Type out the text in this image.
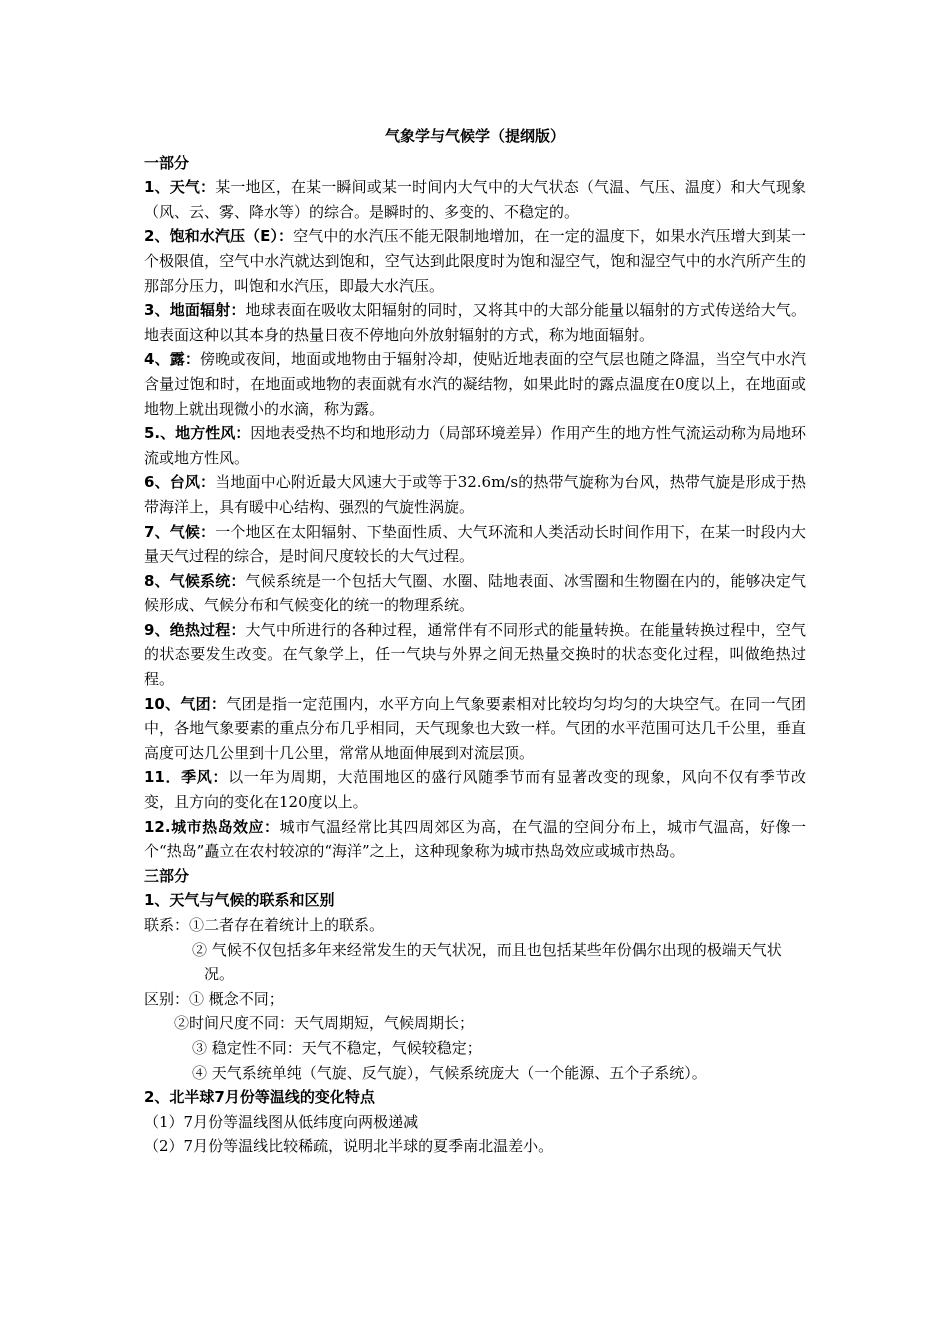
气象学与气候学（提纲版）

一部分

1、天气：某一地区，在某一瞬间或某一时间内大气中的大气状态（气温、气压、温度）和大气现象（风、云、雾、降水等）的综合。是瞬时的、多变的、不稳定的。

2、饱和水汽压（E）：空气中的水汽压不能无限制地增加，在一定的温度下，如果水汽压增大到某一个极限值，空气中水汽就达到饱和，空气达到此限度时为饱和湿空气，饱和湿空气中的水汽所产生的那部分压力，叫饱和水汽压，即最大水汽压。

3、地面辐射：地球表面在吸收太阳辐射的同时，又将其中的大部分能量以辐射的方式传送给大气。地表面这种以其本身的热量日夜不停地向外放射辐射的方式，称为地面辐射。

4、露：傍晚或夜间，地面或地物由于辐射冷却，使贴近地表面的空气层也随之降温，当空气中水汽含量过饱和时，在地面或地物的表面就有水汽的凝结物，如果此时的露点温度在0度以上，在地面或地物上就出现微小的水滴，称为露。

5.、地方性风：因地表受热不均和地形动力（局部环境差异）作用产生的地方性气流运动称为局地环流或地方性风。

6、台风：当地面中心附近最大风速大于或等于32.6m/s的热带气旋称为台风，热带气旋是形成于热带海洋上，具有暖中心结构、强烈的气旋性涡旋。

7、气候：一个地区在太阳辐射、下垫面性质、大气环流和人类活动长时间作用下，在某一时段内大量天气过程的综合，是时间尺度较长的大气过程。

8、气候系统：气候系统是一个包括大气圈、水圈、陆地表面、冰雪圈和生物圈在内的，能够决定气候形成、气候分布和气候变化的统一的物理系统。

9、绝热过程：大气中所进行的各种过程，通常伴有不同形式的能量转换。在能量转换过程中，空气的状态要发生改变。在气象学上，任一气块与外界之间无热量交换时的状态变化过程，叫做绝热过程。

10、气团：气团是指一定范围内，水平方向上气象要素相对比较均匀均匀的大块空气。在同一气团中，各地气象要素的重点分布几乎相同，天气现象也大致一样。气团的水平范围可达几千公里，垂直高度可达几公里到十几公里，常常从地面伸展到对流层顶。

11．季风：以一年为周期，大范围地区的盛行风随季节而有显著改变的现象，风向不仅有季节改变，且方向的变化在120度以上。

12.城市热岛效应：城市气温经常比其四周郊区为高，在气温的空间分布上，城市气温高，好像一个“热岛”矗立在农村较凉的“海洋”之上，这种现象称为城市热岛效应或城市热岛。

三部分

1、天气与气候的联系和区别

联系：①二者存在着统计上的联系。

② 气候不仅包括多年来经常发生的天气状况，而且也包括某些年份偶尔出现的极端天气状况。

区别：① 概念不同；

②时间尺度不同：天气周期短，气候周期长；

③ 稳定性不同：天气不稳定，气候较稳定；

④ 天气系统单纯（气旋、反气旋），气候系统庞大（一个能源、五个子系统）。

2、北半球7月份等温线的变化特点

（1）7月份等温线图从低纬度向两极递减

（2）7月份等温线比较稀疏，说明北半球的夏季南北温差小。
